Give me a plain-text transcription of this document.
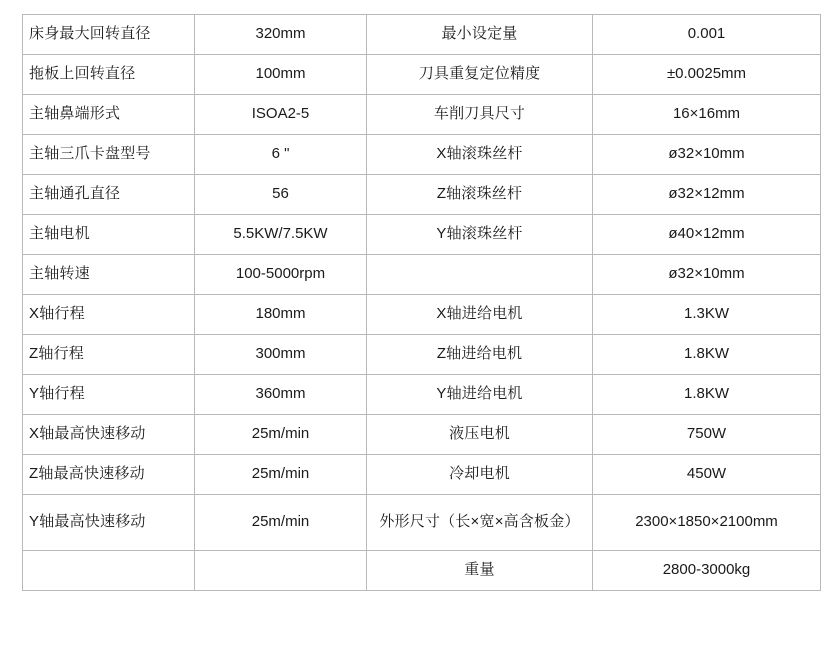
床身最大回转直径	320mm	最小设定量	0.001
拖板上回转直径	100mm	刀具重复定位精度	±0.0025mm
主轴鼻端形式	ISOA2-5	车削刀具尺寸	16×16mm
主轴三爪卡盘型号	6 "	X轴滚珠丝杆	ø32×10mm
主轴通孔直径	56	Z轴滚珠丝杆	ø32×12mm
主轴电机	5.5KW/7.5KW	Y轴滚珠丝杆	ø40×12mm
主轴转速	100-5000rpm		ø32×10mm
X轴行程	180mm	X轴进给电机	1.3KW
Z轴行程	300mm	Z轴进给电机	1.8KW
Y轴行程	360mm	Y轴进给电机	1.8KW
X轴最高快速移动	25m/min	液压电机	750W
Z轴最高快速移动	25m/min	冷却电机	450W
Y轴最高快速移动	25m/min	外形尺寸（长×宽×高含板金）	2300×1850×2100mm
		重量	2800-3000kg
